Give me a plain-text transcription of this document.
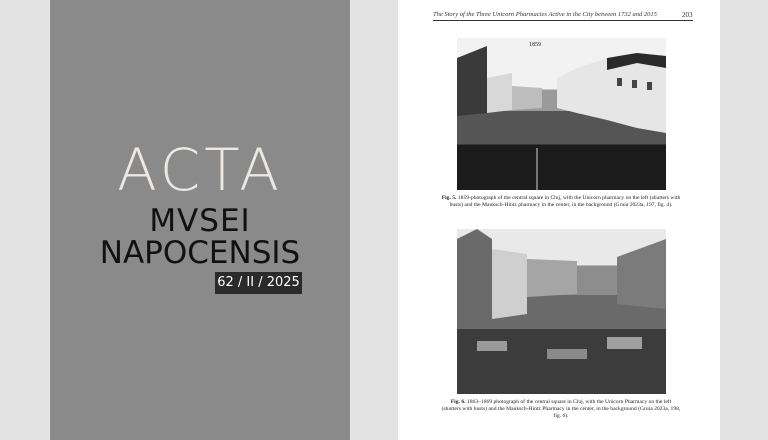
ACTA
MVSEI
NAPOCENSIS
62 / II / 2025
The Story of the Three Unicorn Pharmacies Active in the City between 1732 and 2015	203
1859
Fig. 5. 1859-photograph of the central square in Cluj, with the Unicorn pharmacy on the left (shutters with busts) and the Mauksch-Hintz pharmacy in the center, in the background (Gruia 2023a, 197, fig. 4).
Fig. 6. 1863–1869 photograph of the central square in Cluj, with the Unicorn Pharmacy on the left (shutters with busts) and the Mauksch-Hintz Pharmacy in the center, in the background (Gruia 2023a, 198, fig. 6).
